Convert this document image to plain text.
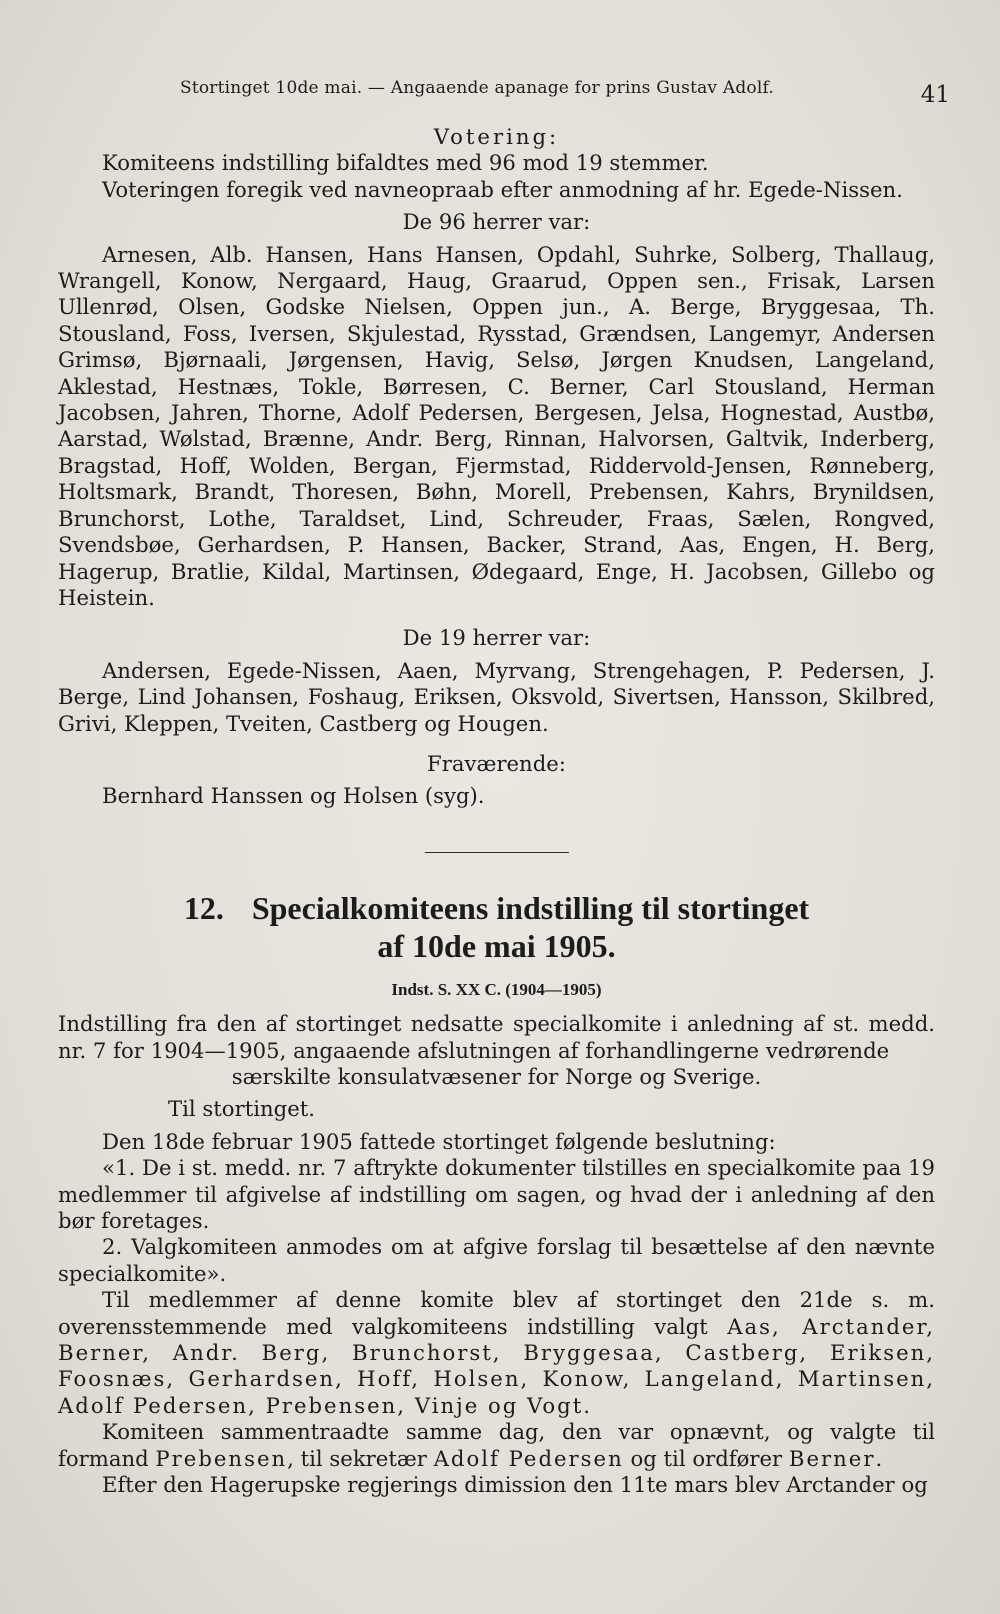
Stortinget 10de mai. — Angaaende apanage for prins Gustav Adolf.	41

Votering:

Komiteens indstilling bifaldtes med 96 mod 19 stemmer.

Voteringen foregik ved navneopraab efter anmodning af hr. Egede-Nissen.

De 96 herrer var:

Arnesen, Alb. Hansen, Hans Hansen, Opdahl, Suhrke, Solberg, Thallaug, Wrangell, Konow, Nergaard, Haug, Graarud, Oppen sen., Frisak, Larsen Ullenrød, Olsen, Godske Nielsen, Oppen jun., A. Berge, Bryggesaa, Th. Stousland, Foss, Iversen, Skjulestad, Rysstad, Grændsen, Langemyr, Andersen Grimsø, Bjørnaali, Jørgensen, Havig, Selsø, Jørgen Knudsen, Langeland, Aklestad, Hestnæs, Tokle, Børresen, C. Berner, Carl Stousland, Herman Jacobsen, Jahren, Thorne, Adolf Pedersen, Bergesen, Jelsa, Hognestad, Austbø, Aarstad, Wølstad, Brænne, Andr. Berg, Rinnan, Halvorsen, Galtvik, Inderberg, Bragstad, Hoff, Wolden, Bergan, Fjermstad, Riddervold-Jensen, Rønneberg, Holtsmark, Brandt, Thoresen, Bøhn, Morell, Prebensen, Kahrs, Brynildsen, Brunchorst, Lothe, Taraldset, Lind, Schreuder, Fraas, Sælen, Rongved, Svendsbøe, Gerhardsen, P. Hansen, Backer, Strand, Aas, Engen, H. Berg, Hagerup, Bratlie, Kildal, Martinsen, Ødegaard, Enge, H. Jacobsen, Gillebo og Heistein.

De 19 herrer var:

Andersen, Egede-Nissen, Aaen, Myrvang, Strengehagen, P. Pedersen, J. Berge, Lind Johansen, Foshaug, Eriksen, Oksvold, Sivertsen, Hansson, Skilbred, Grivi, Kleppen, Tveiten, Castberg og Hougen.

Fraværende:

Bernhard Hanssen og Holsen (syg).

12. Specialkomiteens indstilling til stortinget
af 10de mai 1905.
Indst. S. XX C. (1904—1905)

Indstilling fra den af stortinget nedsatte specialkomite i anledning af st. medd. nr. 7 for 1904—1905, angaaende afslutningen af forhandlingerne vedrørende

særskilte konsulatvæsener for Norge og Sverige.

Til stortinget.

Den 18de februar 1905 fattede stortinget følgende beslutning:

«1. De i st. medd. nr. 7 aftrykte dokumenter tilstilles en specialkomite paa 19 medlemmer til afgivelse af indstilling om sagen, og hvad der i anledning af den bør foretages.

2. Valgkomiteen anmodes om at afgive forslag til besættelse af den nævnte specialkomite».

Til medlemmer af denne komite blev af stortinget den 21de s. m. overensstemmende med valgkomiteens indstilling valgt Aas, Arctander, Berner, Andr. Berg, Brunchorst, Bryggesaa, Castberg, Eriksen, Foosnæs, Gerhardsen, Hoff, Holsen, Konow, Langeland, Martinsen, Adolf Pedersen, Prebensen, Vinje og Vogt.

Komiteen sammentraadte samme dag, den var opnævnt, og valgte til formand Prebensen, til sekretær Adolf Pedersen og til ordfører Berner.

Efter den Hagerupske regjerings dimission den 11te mars blev Arctander og
